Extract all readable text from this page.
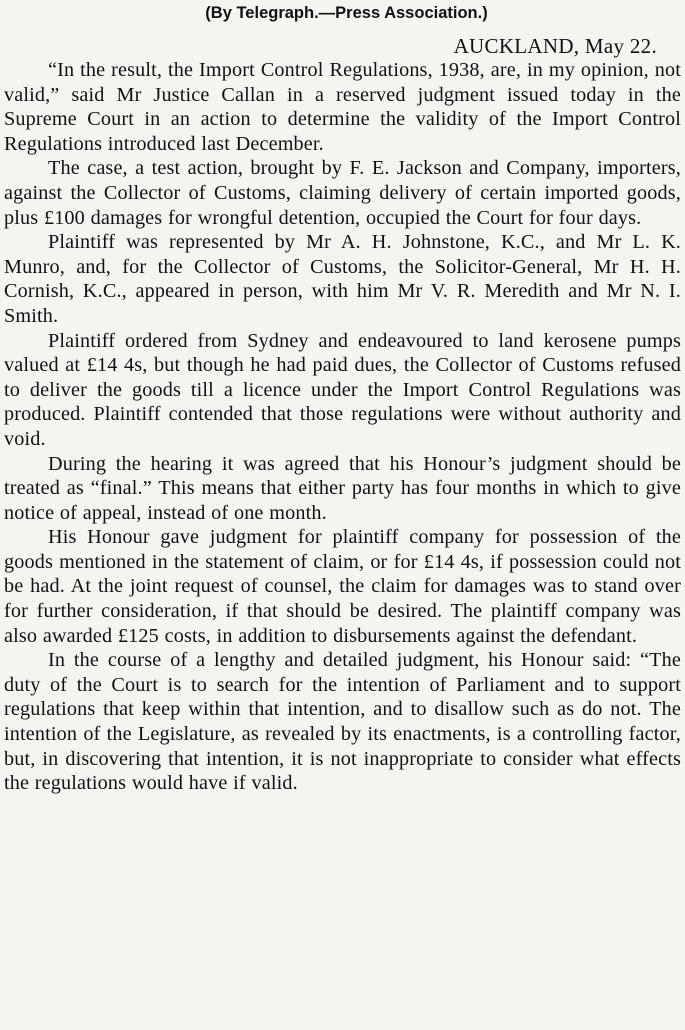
(By Telegraph.—Press Association.)

AUCKLAND, May 22.

“In the result, the Import Control Regulations, 1938, are, in my opinion, not valid,” said Mr Justice Callan in a reserved judgment issued today in the Supreme Court in an action to determine the validity of the Import Control Regulations introduced last December.

The case, a test action, brought by F. E. Jackson and Company, importers, against the Collector of Customs, claiming delivery of certain imported goods, plus £100 damages for wrongful detention, occupied the Court for four days.

Plaintiff was represented by Mr A. H. Johnstone, K.C., and Mr L. K. Munro, and, for the Collector of Customs, the Solicitor-General, Mr H. H. Cornish, K.C., appeared in person, with him Mr V. R. Meredith and Mr N. I. Smith.

Plaintiff ordered from Sydney and endeavoured to land kerosene pumps valued at £14 4s, but though he had paid dues, the Collector of Customs refused to deliver the goods till a licence under the Import Control Regulations was produced. Plaintiff contended that those regulations were without authority and void.

During the hearing it was agreed that his Honour’s judgment should be treated as “final.” This means that either party has four months in which to give notice of appeal, instead of one month.

His Honour gave judgment for plaintiff company for possession of the goods mentioned in the statement of claim, or for £14 4s, if possession could not be had. At the joint request of counsel, the claim for damages was to stand over for further consideration, if that should be desired. The plaintiff company was also awarded £125 costs, in addition to disbursements against the defendant.

In the course of a lengthy and detailed judgment, his Honour said: “The duty of the Court is to search for the intention of Parliament and to support regulations that keep within that intention, and to disallow such as do not. The intention of the Legislature, as revealed by its enactments, is a controlling factor, but, in discovering that intention, it is not inappropriate to consider what effects the regulations would have if valid.
